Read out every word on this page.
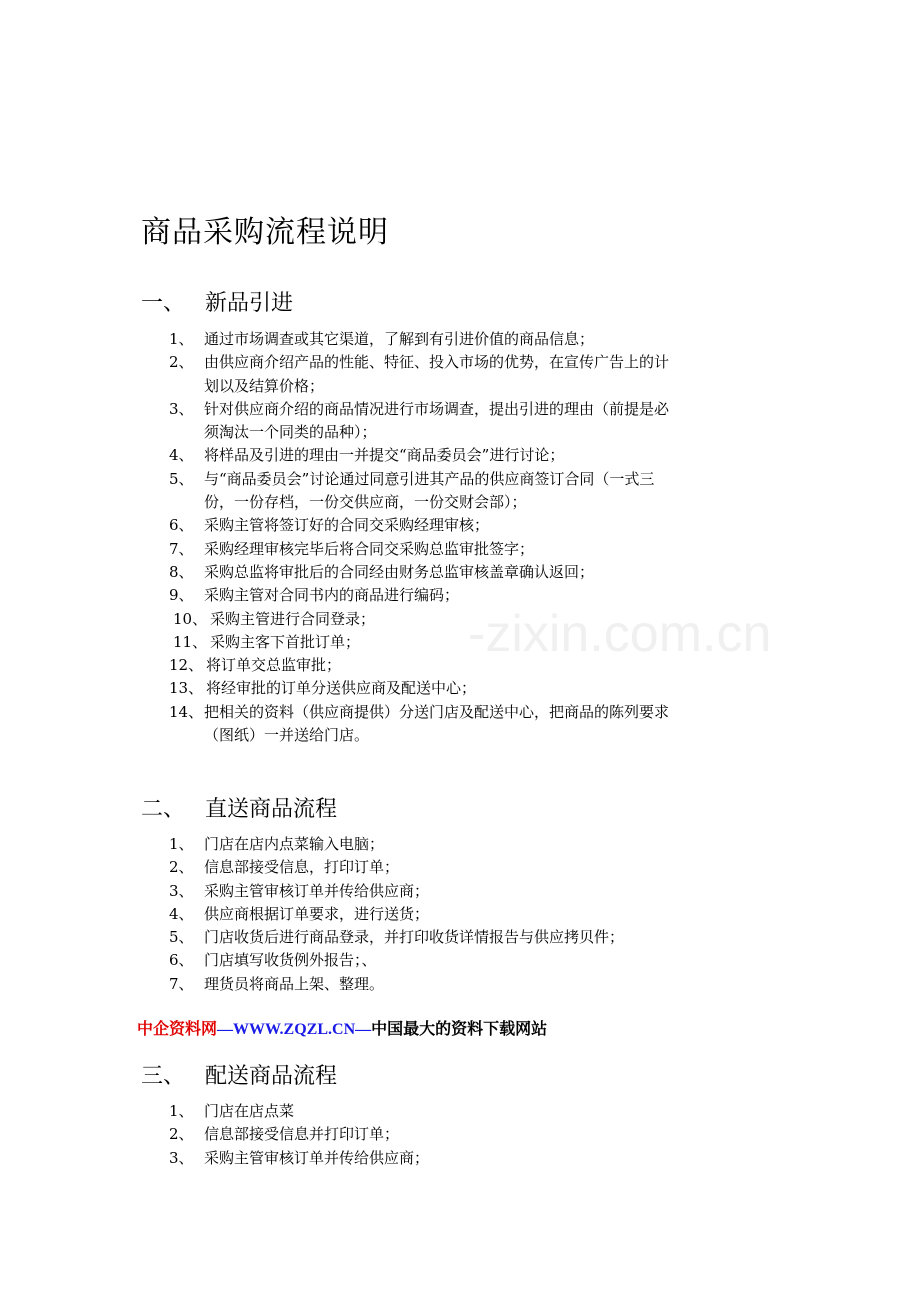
商品采购流程说明
一、 新品引进
1、 通过市场调查或其它渠道，了解到有引进价值的商品信息；
2、 由供应商介绍产品的性能、特征、投入市场的优势，在宣传广告上的计
划以及结算价格；
3、 针对供应商介绍的商品情况进行市场调查，提出引进的理由（前提是必
须淘汰一个同类的品种）；
4、 将样品及引进的理由一并提交“商品委员会”进行讨论；
5、 与“商品委员会”讨论通过同意引进其产品的供应商签订合同（一式三
份，一份存档，一份交供应商，一份交财会部）；
6、 采购主管将签订好的合同交采购经理审核；
7、 采购经理审核完毕后将合同交采购总监审批签字；
8、 采购总监将审批后的合同经由财务总监审核盖章确认返回；
9、 采购主管对合同书内的商品进行编码；
10、 采购主管进行合同登录；
11、 采购主客下首批订单；
12、 将订单交总监审批；
13、 将经审批的订单分送供应商及配送中心；
14、 把相关的资料（供应商提供）分送门店及配送中心，把商品的陈列要求
（图纸）一并送给门店。
-zixin.com.cn
二、 直送商品流程
1、 门店在店内点菜输入电脑；
2、 信息部接受信息，打印订单；
3、 采购主管审核订单并传给供应商；
4、 供应商根据订单要求，进行送货；
5、 门店收货后进行商品登录，并打印收货详情报告与供应拷贝件；
6、 门店填写收货例外报告；、
7、 理货员将商品上架、整理。
中企资料网—WWW.ZQZL.CN—中国最大的资料下载网站
三、 配送商品流程
1、 门店在店点菜
2、 信息部接受信息并打印订单；
3、 采购主管审核订单并传给供应商；
